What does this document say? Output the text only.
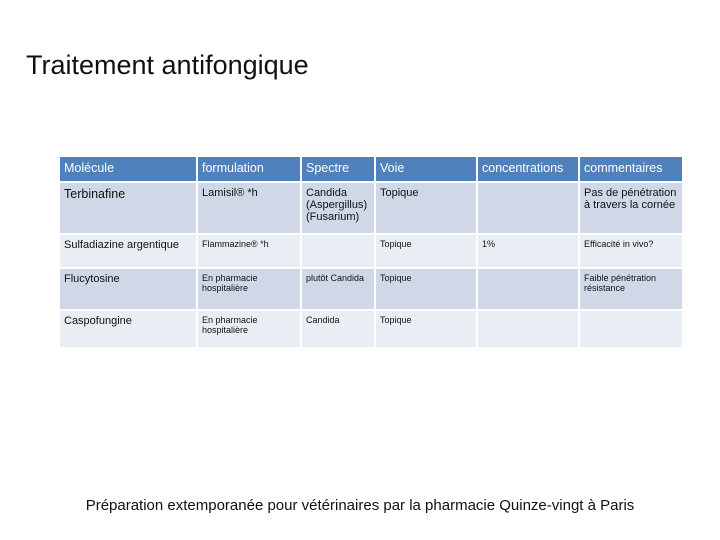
Traitement antifongique
Molécule	formulation	Spectre	Voie	concentrations	commentaires
Terbinafine	Lamisil® *h	Candida (Aspergillus) (Fusarium)	Topique		Pas de pénétration à travers la cornée
Sulfadiazine argentique	Flammazine® *h		Topique	1%	Efficacité in vivo?
Flucytosine	En pharmacie hospitalière	plutôt Candida	Topique		Faible pénétration résistance
Caspofungine	En pharmacie hospitalière	Candida	Topique		
Préparation extemporanée pour vétérinaires par la pharmacie Quinze-vingt à Paris
